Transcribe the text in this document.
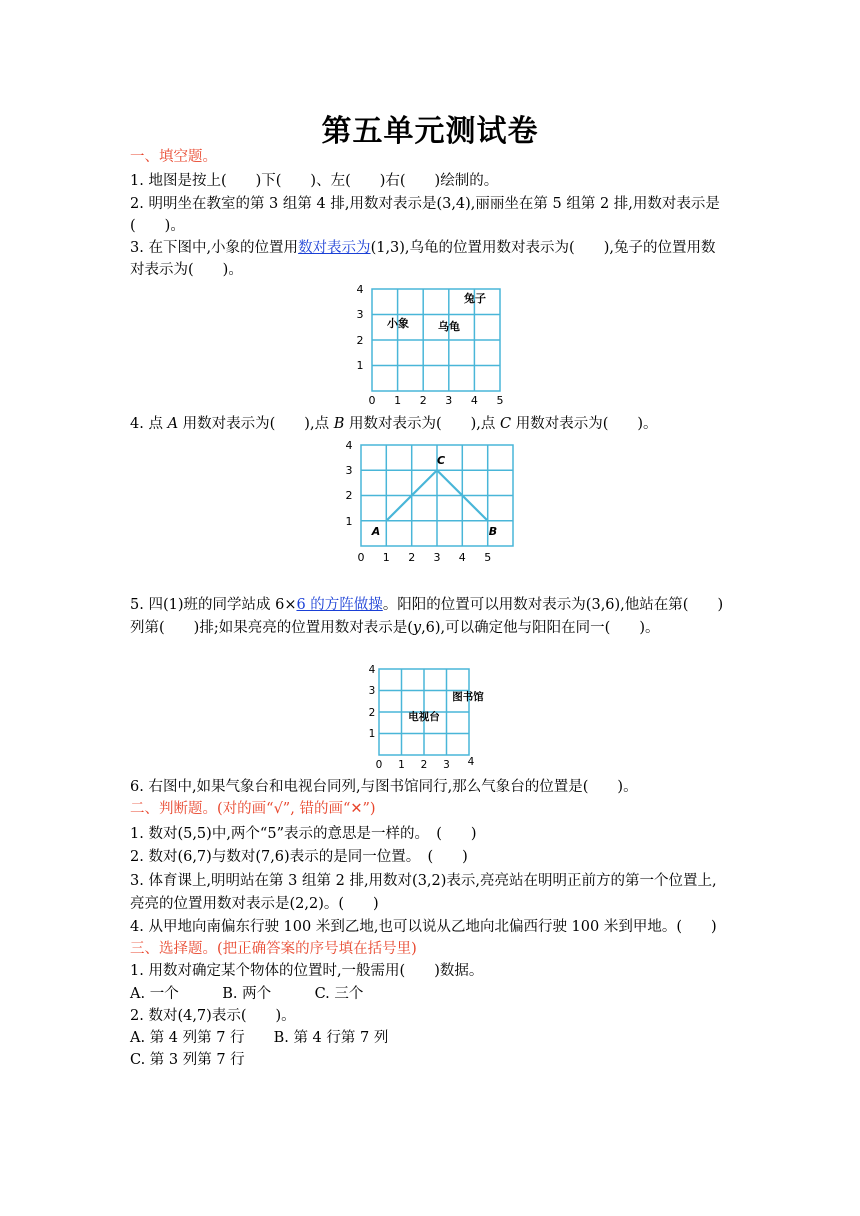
第五单元测试卷
一、填空题。
1. 地图是按上(　　)下(　　)、左(　　)右(　　)绘制的。
2. 明明坐在教室的第 3 组第 4 排,用数对表示是(3,4),丽丽坐在第 5 组第 2 排,用数对表示是
(　　)。
3. 在下图中,小象的位置用数对表示为(1,3),乌龟的位置用数对表示为(　　),兔子的位置用数
对表示为(　　)。
0 1 2 3 4 5
1
2
3
4
小象	乌龟
兔子
4. 点 A 用数对表示为(　　),点 B 用数对表示为(　　),点 C 用数对表示为(　　)。
0 1 2 3 4 5
1
2
3
4
A	B
C
5. 四(1)班的同学站成 6×6 的方阵做操。阳阳的位置可以用数对表示为(3,6),他站在第(　　)
列第(　　)排;如果亮亮的位置用数对表示是(y,6),可以确定他与阳阳在同一(　　)。
0 1 2 3 4
1
2
3
4
电视台
图书馆
6. 右图中,如果气象台和电视台同列,与图书馆同行,那么气象台的位置是(　　)。
二、判断题。(对的画“√”, 错的画“✕”)
1. 数对(5,5)中,两个“5”表示的意思是一样的。　(　　)
2. 数对(6,7)与数对(7,6)表示的是同一位置。　(　　)
3. 体育课上,明明站在第 3 组第 2 排,用数对(3,2)表示,亮亮站在明明正前方的第一个位置上,
亮亮的位置用数对表示是(2,2)。(　　)
4. 从甲地向南偏东行驶 100 米到乙地,也可以说从乙地向北偏西行驶 100 米到甲地。(　　)
三、选择题。(把正确答案的序号填在括号里)
1. 用数对确定某个物体的位置时,一般需用(　　)数据。
A. 一个　　　B. 两个　　　C. 三个
2. 数对(4,7)表示(　　)。
A. 第 4 列第 7 行　　B. 第 4 行第 7 列
C. 第 3 列第 7 行
